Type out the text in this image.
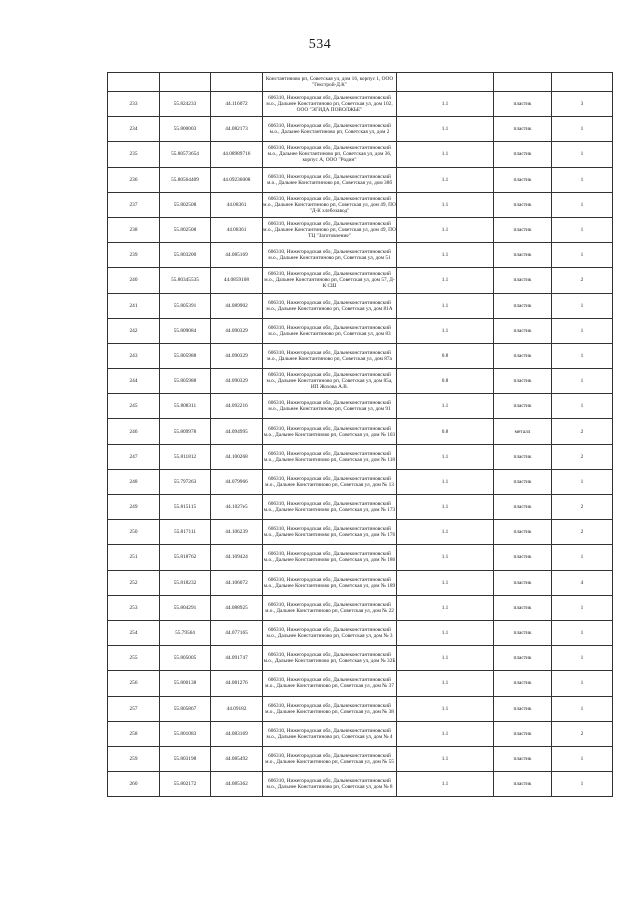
534
			Константиново рп, Советская ул, дом 16, корпус 1, ООО "Гекстрой-Д.К"			
233	55.824233	44.116072	606310, Нижегородская обл, Дальнеконстантиновский м.о., Дальнее Константиново рп, Советская ул, дом 102, ООО "ЭГИДА ПОВОЛЖЬЕ"	1.1	пластик	3
234	55.800003	44.082173	606310, Нижегородская обл, Дальнеконстантиновский м.о., Дальнее Константиново рп, Советская ул, дом 2	1.1	пластик	1
235	55.80573654	44.08989716	606310, Нижегородская обл, Дальнеконстантиновский м.о., Дальнее Константиново рп, Советская ул, дом 36, корпус А, ООО "Родин"	1.1	пластик	1
236	55.80564409	44.09236008	606310, Нижегородская обл, Дальнеконстантиновский м.о., Дальнее Константиново рп, Советская ул, дом 38б	1.1	пластик	1
237	55.802508	44.08361	606310, Нижегородская обл, Дальнеконстантиновский м.о., Дальнее Константиново рп, Советская ул, дом 49, ПО "Д-К хлебозавод"	1.1	пластик	1
238	55.802508	44.08361	606310, Нижегородская обл, Дальнеконстантиновский м.о., Дальнее Константиново рп, Советская ул, дом 49, ПО ТЦ "Заготовление"	1.1	пластик	1
239	55.803200	44.085169	606310, Нижегородская обл, Дальнеконстантиновский м.о., Дальнее Константиново рп, Советская ул, дом 51	1.1	пластик	1
240	55.80345535	44.0859108	606310, Нижегородская обл, Дальнеконстантиновский м.о., Дальнее Константиново рп, Советская ул, дом 57, Д-К СШ	1.1	пластик	2
241	55.805391	44.089902	606310, Нижегородская обл, Дальнеконстантиновский м.о., Дальнее Константиново рп, Советская ул, дом 81А	1.1	пластик	1
242	55.809084	44.090329	606310, Нижегородская обл, Дальнеконстантиновский м.о., Дальнее Константиново рп, Советская ул, дом 83	1.1	пластик	1
243	55.805988	44.090329	606310, Нижегородская обл, Дальнеконстантиновский м.о., Дальнее Константиново рп, Советская ул, дом 87а	0.8	пластик	1
244	55.805988	44.090329	606310, Нижегородская обл, Дальнеконстантиновский м.о., Дальнее Константиново рп, Советская ул, дом 85а, ИП Жохова А.В.	0.8	пластик	1
245	55.808311	44.092216	606310, Нижегородская обл, Дальнеконстантиновский м.о., Дальнее Константиново рп, Советская ул, дом 91	1.1	пластик	1
246	55.809978	44.094995	606310, Нижегородская обл, Дальнеконстантиновский м.о., Дальнее Константиново рп, Советская ул, дом № 103	0.8	металл	2
247	55.811812	44.100268	606310, Нижегородская обл, Дальнеконстантиновский м.о., Дальнее Константиново рп, Советская ул, дом № 118	1.1	пластик	2
248	55.797263	44.079966	606310, Нижегородская обл, Дальнеконстантиновский м.о., Дальнее Константиново рп, Советская ул, дом № 13	1.1	пластик	1
249	55.815115	44.1027e5	606310, Нижегородская обл, Дальнеконстантиновский м.о., Дальнее Константиново рп, Советская ул, дом № 173	1.1	пластик	2
250	55.817111	44.106239	606310, Нижегородская обл, Дальнеконстантиновский м.о., Дальнее Константиново рп, Советская ул, дом № 176	1.1	пластик	2
251	55.818762	44.109424	606310, Нижегородская обл, Дальнеконстантиновский м.о., Дальнее Константиново рп, Советская ул, дом № 186	1.1	пластик	1
252	55.818232	44.106072	606310, Нижегородская обл, Дальнеконстантиновский м.о., Дальнее Константиново рп, Советская ул, дом № 189	1.1	пластик	4
253	55.804291	44.088925	606310, Нижегородская обл, Дальнеконстантиновский м.о., Дальнее Константиново рп, Советская ул, дом № 22	1.1	пластик	1
254	55.79564	44.077165	606310, Нижегородская обл, Дальнеконстантиновский м.о., Дальнее Константиново рп, Советская ул, дом № 3	1.1	пластик	1
255	55.805005	44.091747	606310, Нижегородская обл, Дальнеконстантиновский м.о., Дальнее Константиново рп, Советская ул, дом № 32Б	1.1	пластик	1
256	55.800138	44.081276	606310, Нижегородская обл, Дальнеконстантиновский м.о., Дальнее Константиново рп, Советская ул, дом № 37	1.1	пластик	1
257	55.805867	44.09182	606310, Нижегородская обл, Дальнеконстантиновский м.о., Дальнее Константиново рп, Советская ул, дом № 38	1.1	пластик	1
258	55.801083	44.083169	606310, Нижегородская обл, Дальнеконстантиновский м.о., Дальнее Константиново рп, Советская ул, дом № 4	1.1	пластик	2
259	55.803198	44.085492	606310, Нижегородская обл, Дальнеконстантиновский м.о., Дальнее Константиново рп, Советская ул, дом № 55	1.1	пластик	1
260	55.802172	44.085362	606310, Нижегородская обл, Дальнеконстантиновский м.о., Дальнее Константиново рп, Советская ул, дом № 8	1.1	пластик	1
